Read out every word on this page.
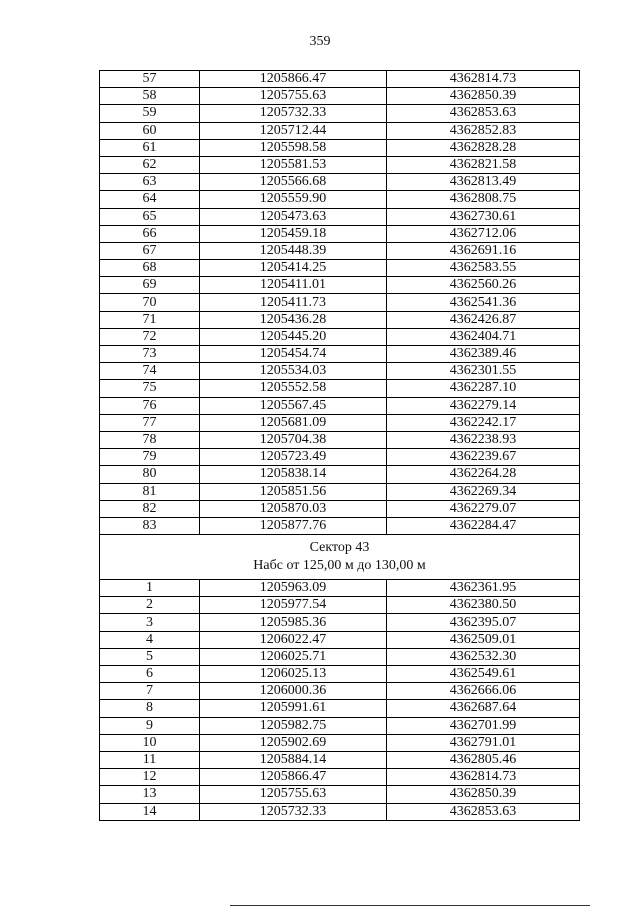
359
57	1205866.47	4362814.73
58	1205755.63	4362850.39
59	1205732.33	4362853.63
60	1205712.44	4362852.83
61	1205598.58	4362828.28
62	1205581.53	4362821.58
63	1205566.68	4362813.49
64	1205559.90	4362808.75
65	1205473.63	4362730.61
66	1205459.18	4362712.06
67	1205448.39	4362691.16
68	1205414.25	4362583.55
69	1205411.01	4362560.26
70	1205411.73	4362541.36
71	1205436.28	4362426.87
72	1205445.20	4362404.71
73	1205454.74	4362389.46
74	1205534.03	4362301.55
75	1205552.58	4362287.10
76	1205567.45	4362279.14
77	1205681.09	4362242.17
78	1205704.38	4362238.93
79	1205723.49	4362239.67
80	1205838.14	4362264.28
81	1205851.56	4362269.34
82	1205870.03	4362279.07
83	1205877.76	4362284.47

Сектор 43
Набс от 125,00 м до 130,00 м		

1	1205963.09	4362361.95
2	1205977.54	4362380.50
3	1205985.36	4362395.07
4	1206022.47	4362509.01
5	1206025.71	4362532.30
6	1206025.13	4362549.61
7	1206000.36	4362666.06
8	1205991.61	4362687.64
9	1205982.75	4362701.99
10	1205902.69	4362791.01
11	1205884.14	4362805.46
12	1205866.47	4362814.73
13	1205755.63	4362850.39
14	1205732.33	4362853.63
